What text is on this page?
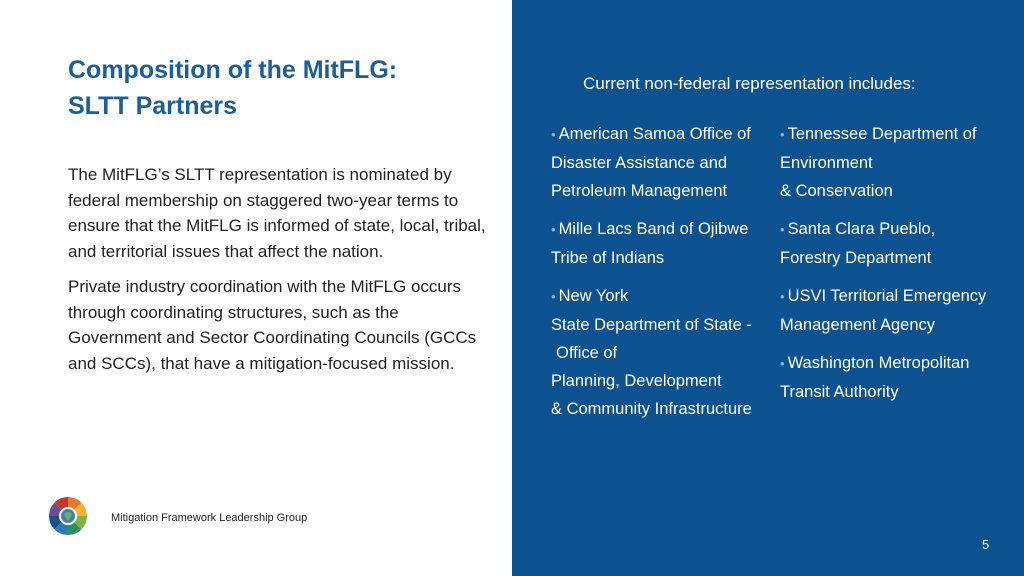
Composition of the MitFLG:
SLTT Partners

The MitFLG’s SLTT representation is nominated by federal membership on staggered two-year terms to ensure that the MitFLG is informed of state, local, tribal, and territorial issues that affect the nation.

Private industry coordination with the MitFLG occurs through coordinating structures, such as the Government and Sector Coordinating Councils (GCCs and SCCs), that have a mitigation-focused mission.

Current non-federal representation includes:
• American Samoa Office of
Disaster Assistance and
Petroleum Management
• Mille Lacs Band of Ojibwe
Tribe of Indians
• New York
State Department of State -
Office of
Planning, Development
& Community Infrastructure
• Tennessee Department of
Environment
& Conservation
• Santa Clara Pueblo,
Forestry Department
• USVI Territorial Emergency
Management Agency
• Washington Metropolitan
Transit Authority
Mitigation Framework Leadership Group
5
